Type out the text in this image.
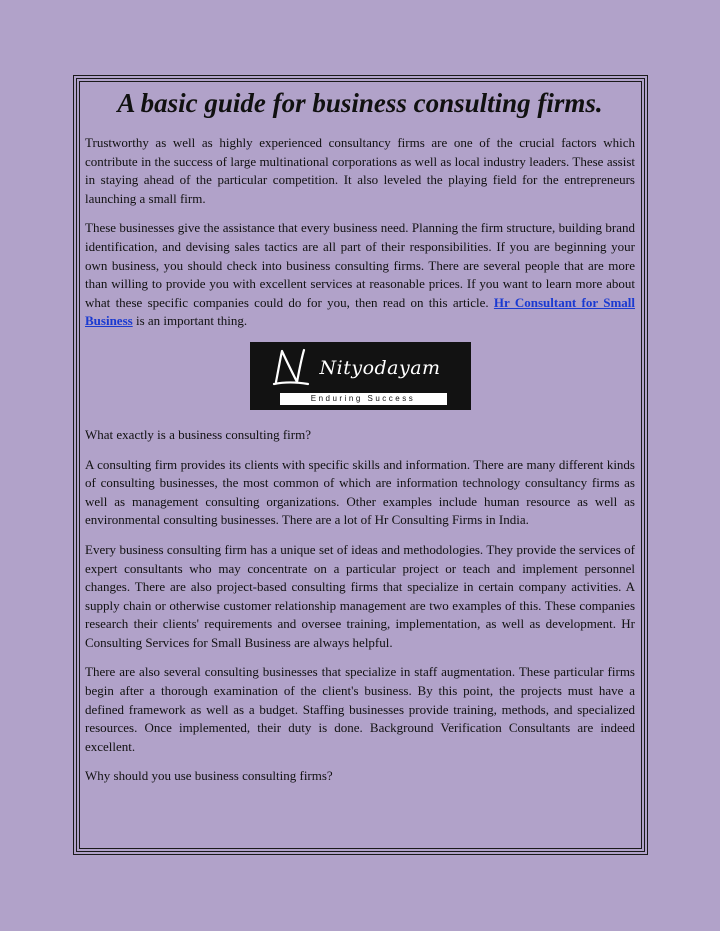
A basic guide for business consulting firms.

Trustworthy as well as highly experienced consultancy firms are one of the crucial factors which contribute in the success of large multinational corporations as well as local industry leaders. These assist in staying ahead of the particular competition. It also leveled the playing field for the entrepreneurs launching a small firm.

These businesses give the assistance that every business need. Planning the firm structure, building brand identification, and devising sales tactics are all part of their responsibilities. If you are beginning your own business, you should check into business consulting firms. There are several people that are more than willing to provide you with excellent services at reasonable prices. If you want to learn more about what these specific companies could do for you, then read on this article. Hr Consultant for Small Business is an important thing.

Nityodayam
Enduring Success

What exactly is a business consulting firm?

A consulting firm provides its clients with specific skills and information. There are many different kinds of consulting businesses, the most common of which are information technology consultancy firms as well as management consulting organizations. Other examples include human resource as well as environmental consulting businesses. There are a lot of Hr Consulting Firms in India.

Every business consulting firm has a unique set of ideas and methodologies. They provide the services of expert consultants who may concentrate on a particular project or teach and implement personnel changes. There are also project-based consulting firms that specialize in certain company activities. A supply chain or otherwise customer relationship management are two examples of this. These companies research their clients' requirements and oversee training, implementation, as well as development. Hr Consulting Services for Small Business are always helpful.

There are also several consulting businesses that specialize in staff augmentation. These particular firms begin after a thorough examination of the client's business. By this point, the projects must have a defined framework as well as a budget. Staffing businesses provide training, methods, and specialized resources. Once implemented, their duty is done. Background Verification Consultants are indeed excellent.

Why should you use business consulting firms?
